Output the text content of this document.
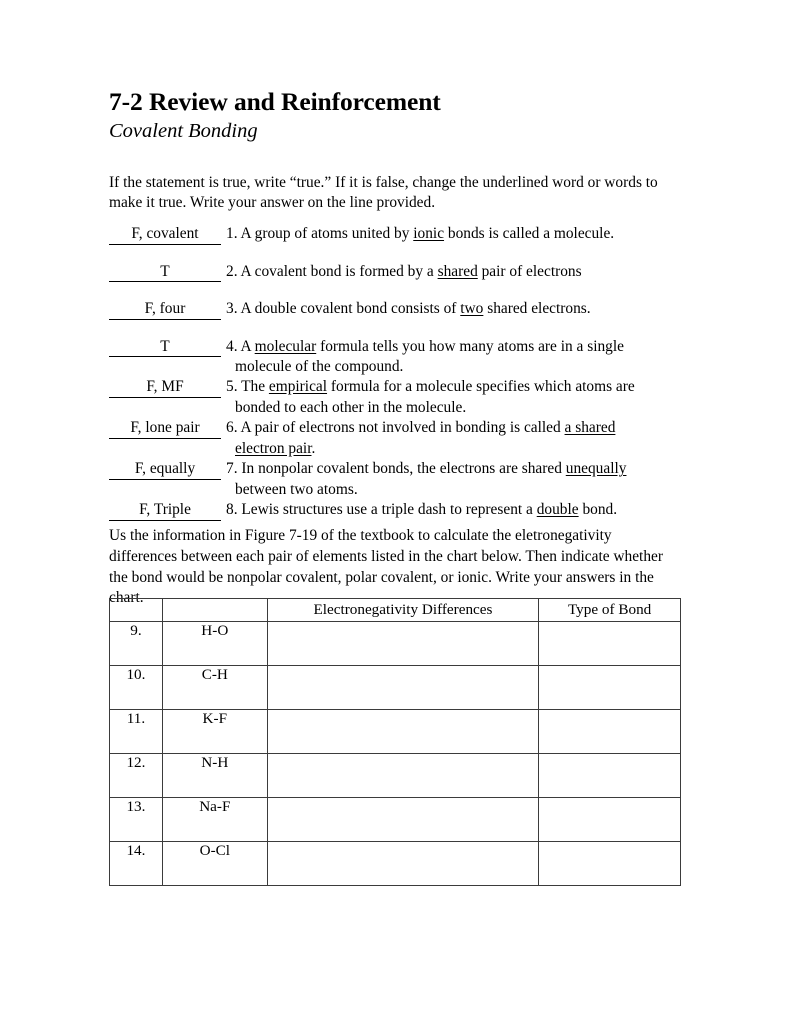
7-2 Review and Reinforcement
Covalent Bonding

If the statement is true, write “true.” If it is false, change the underlined word or words to make it true. Write your answer on the line provided.

F, covalent	1. A group of atoms united by ionic bonds is called a molecule.
T	2. A covalent bond is formed by a shared pair of electrons
F, four	3. A double covalent bond consists of two shared electrons.
T	4. A molecular formula tells you how many atoms are in a single
molecule of the compound.
F, MF	5. The empirical formula for a molecule specifies which atoms are
bonded to each other in the molecule.
F, lone pair	6. A pair of electrons not involved in bonding is called a shared
electron pair.
F, equally	7. In nonpolar covalent bonds, the electrons are shared unequally
between two atoms.
F, Triple	8. Lewis structures use a triple dash to represent a double bond.

Us the information in Figure 7-19 of the textbook to calculate the eletronegativity differences between each pair of elements listed in the chart below. Then indicate whether the bond would be nonpolar covalent, polar covalent, or ionic. Write your answers in the chart.

		Electronegativity Differences	Type of Bond
9.	H-O		
10.	C-H		
11.	K-F		
12.	N-H		
13.	Na-F		
14.	O-Cl		
